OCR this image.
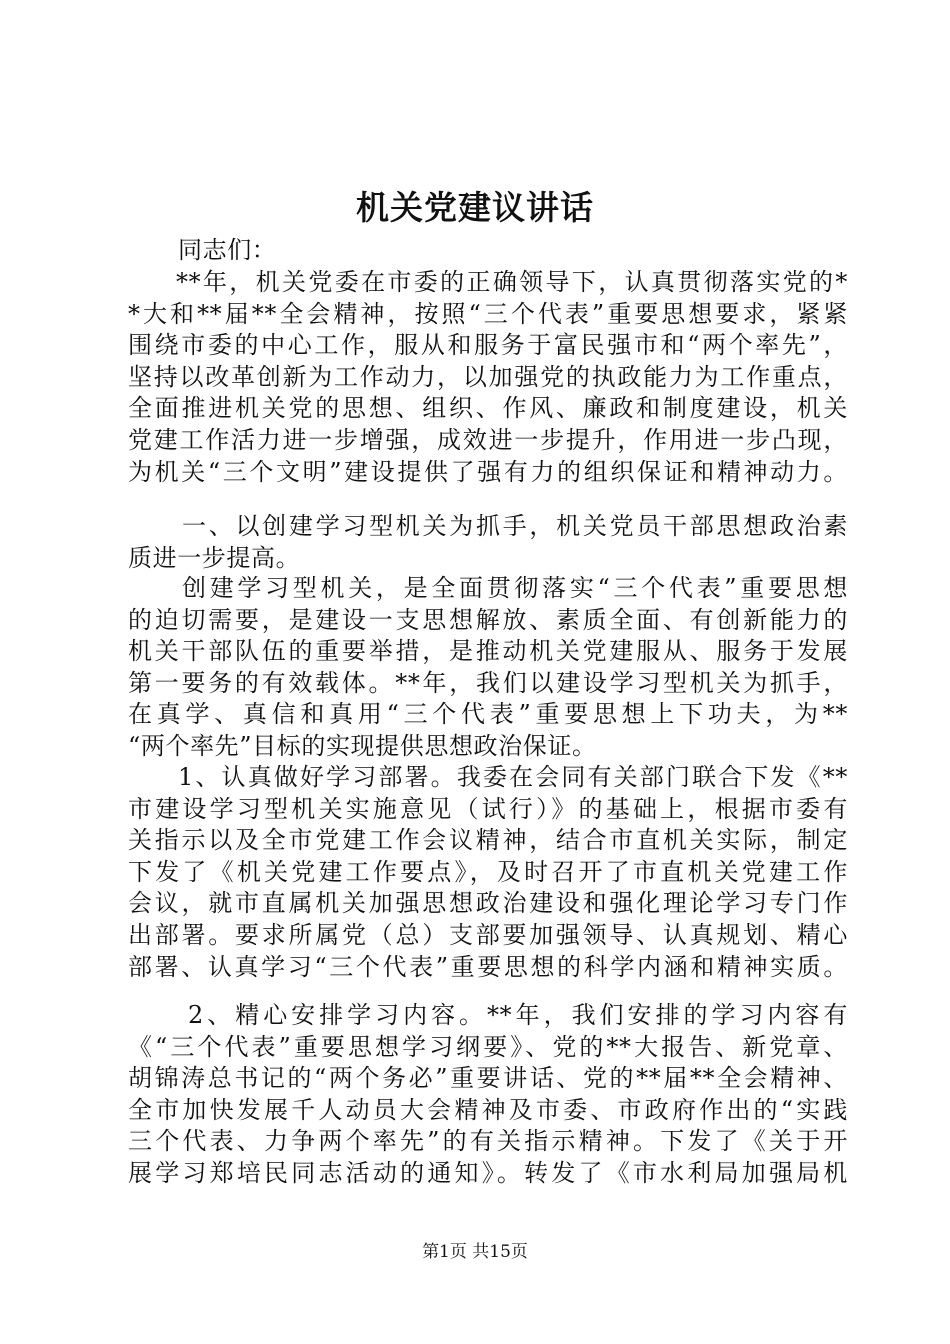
机关党建议讲话
同志们：
**年，机关党委在市委的正确领导下，认真贯彻落实党的*
*大和**届**全会精神，按照“三个代表”重要思想要求，紧紧
围绕市委的中心工作，服从和服务于富民强市和“两个率先”，
坚持以改革创新为工作动力，以加强党的执政能力为工作重点，
全面推进机关党的思想、组织、作风、廉政和制度建设，机关
党建工作活力进一步增强，成效进一步提升，作用进一步凸现，
为机关“三个文明”建设提供了强有力的组织保证和精神动力。
一、以创建学习型机关为抓手，机关党员干部思想政治素
质进一步提高。
创建学习型机关，是全面贯彻落实“三个代表”重要思想
的迫切需要，是建设一支思想解放、素质全面、有创新能力的
机关干部队伍的重要举措，是推动机关党建服从、服务于发展
第一要务的有效载体。**年，我们以建设学习型机关为抓手，
在真学、真信和真用“三个代表”重要思想上下功夫，为**
“两个率先”目标的实现提供思想政治保证。
1、认真做好学习部署。我委在会同有关部门联合下发《**
市建设学习型机关实施意见（试行）》的基础上，根据市委有
关指示以及全市党建工作会议精神，结合市直机关实际，制定
下发了《机关党建工作要点》，及时召开了市直机关党建工作
会议，就市直属机关加强思想政治建设和强化理论学习专门作
出部署。要求所属党（总）支部要加强领导、认真规划、精心
部署、认真学习“三个代表”重要思想的科学内涵和精神实质。
2、精心安排学习内容。**年，我们安排的学习内容有
《“三个代表”重要思想学习纲要》、党的**大报告、新党章、
胡锦涛总书记的“两个务必”重要讲话、党的**届**全会精神、
全市加快发展千人动员大会精神及市委、市政府作出的“实践
三个代表、力争两个率先”的有关指示精神。下发了《关于开
展学习郑培民同志活动的通知》。转发了《市水利局加强局机
第1页 共15页
